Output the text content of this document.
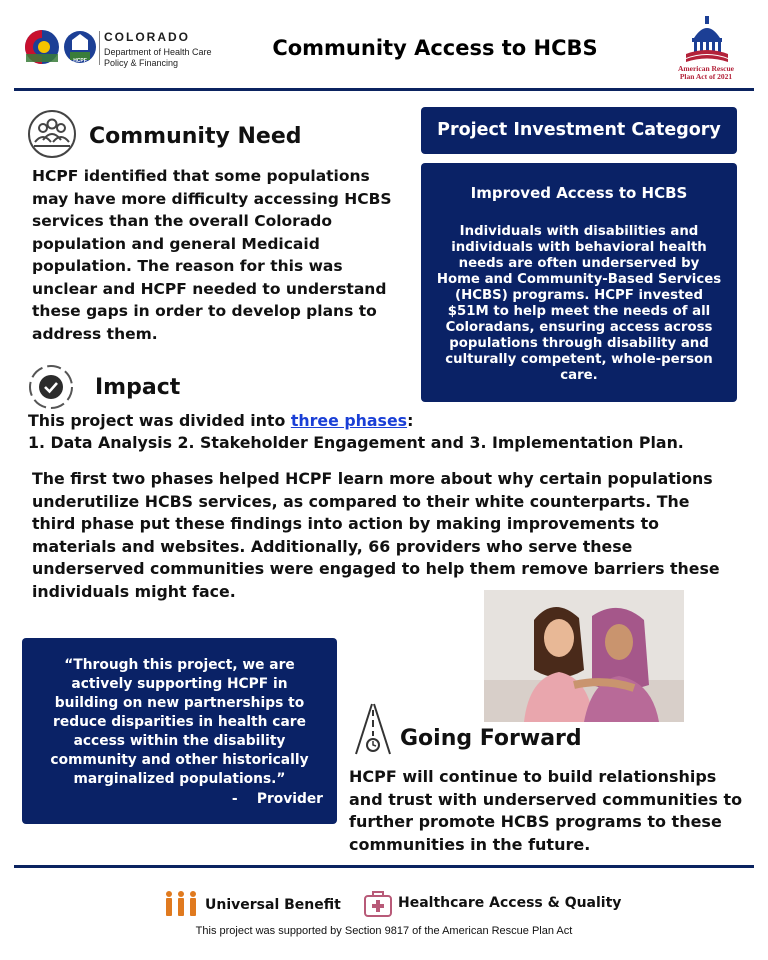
HCPF
COLORADO
Department of Health Care
Policy & Financing
Community Access to HCBS
American Rescue
Plan Act of 2021
Community Need
HCPF identified that some populations may have more difficulty accessing HCBS services than the overall Colorado population and general Medicaid population. The reason for this was unclear and HCPF needed to understand these gaps in order to develop plans to address them.
Project Investment Category
Improved Access to HCBS
Individuals with disabilities and individuals with behavioral health needs are often underserved by Home and Community-Based Services (HCBS) programs. HCPF invested $51M to help meet the needs of all Coloradans, ensuring access across populations through disability and culturally competent, whole-person care.
Impact
This project was divided into three phases:
1. Data Analysis 2. Stakeholder Engagement and 3. Implementation Plan.
The first two phases helped HCPF learn more about why certain populations underutilize HCBS services, as compared to their white counterparts. The third phase put these findings into action by making improvements to materials and websites. Additionally, 66 providers who serve these underserved communities were engaged to help them remove barriers these individuals might face.
“Through this project, we are actively supporting HCPF in building on new partnerships to reduce disparities in health care access within the disability community and other historically marginalized populations.”
-    Provider
Going Forward
HCPF will continue to build relationships and trust with underserved communities to further promote HCBS programs to these communities in the future.
Universal Benefit	Healthcare Access & Quality
This project was supported by Section 9817 of the American Rescue Plan Act
